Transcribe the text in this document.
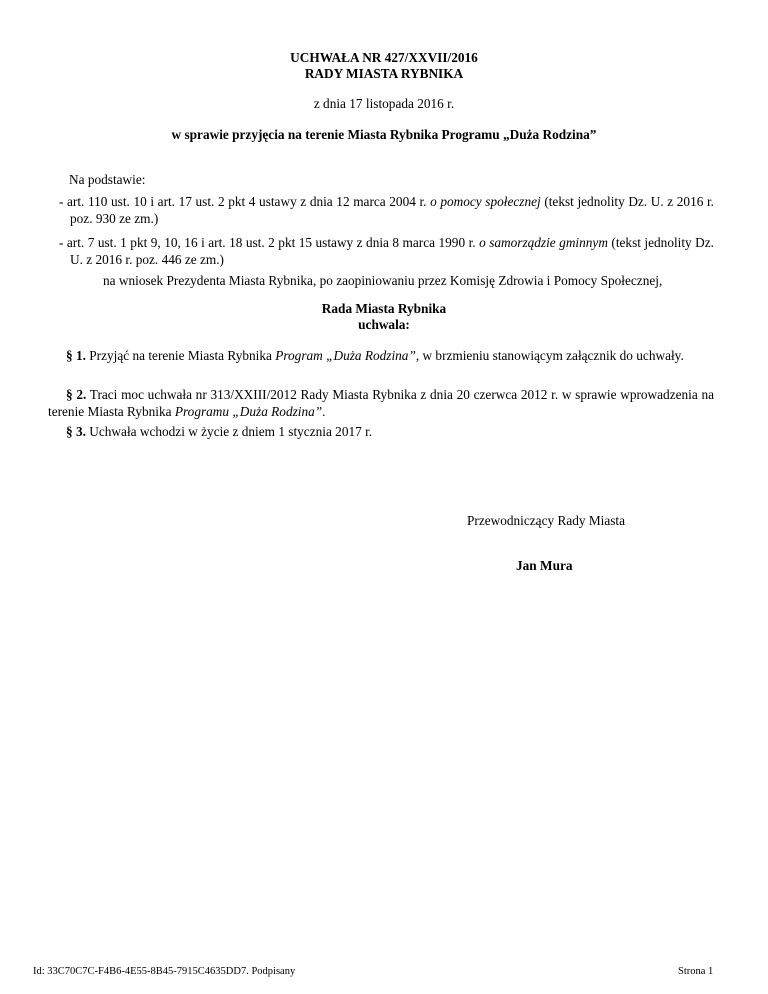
UCHWAŁA NR 427/XXVII/2016
RADY MIASTA RYBNIKA
z dnia 17 listopada 2016 r.
w sprawie przyjęcia na terenie Miasta Rybnika Programu „Duża Rodzina”
Na podstawie:
- art. 110 ust. 10 i art. 17 ust. 2 pkt 4 ustawy z dnia 12 marca 2004 r. o pomocy społecznej (tekst jednolity Dz. U. z 2016 r. poz. 930 ze zm.)
- art. 7 ust. 1 pkt 9, 10, 16 i art. 18 ust. 2 pkt 15 ustawy z dnia 8 marca 1990 r. o samorządzie gminnym (tekst jednolity Dz. U. z 2016 r. poz. 446 ze zm.)
na wniosek Prezydenta Miasta Rybnika, po zaopiniowaniu przez Komisję Zdrowia i Pomocy Społecznej,
Rada Miasta Rybnika
uchwala:
§ 1. Przyjąć na terenie Miasta Rybnika Program „Duża Rodzina”, w brzmieniu stanowiącym załącznik do uchwały.
§ 2. Traci moc uchwała nr 313/XXIII/2012 Rady Miasta Rybnika z dnia 20 czerwca 2012 r. w sprawie wprowadzenia na terenie Miasta Rybnika Programu „Duża Rodzina”.
§ 3. Uchwała wchodzi w życie z dniem 1 stycznia 2017 r.
Przewodniczący Rady Miasta
Jan Mura
Id: 33C70C7C-F4B6-4E55-8B45-7915C4635DD7. Podpisany	Strona 1
